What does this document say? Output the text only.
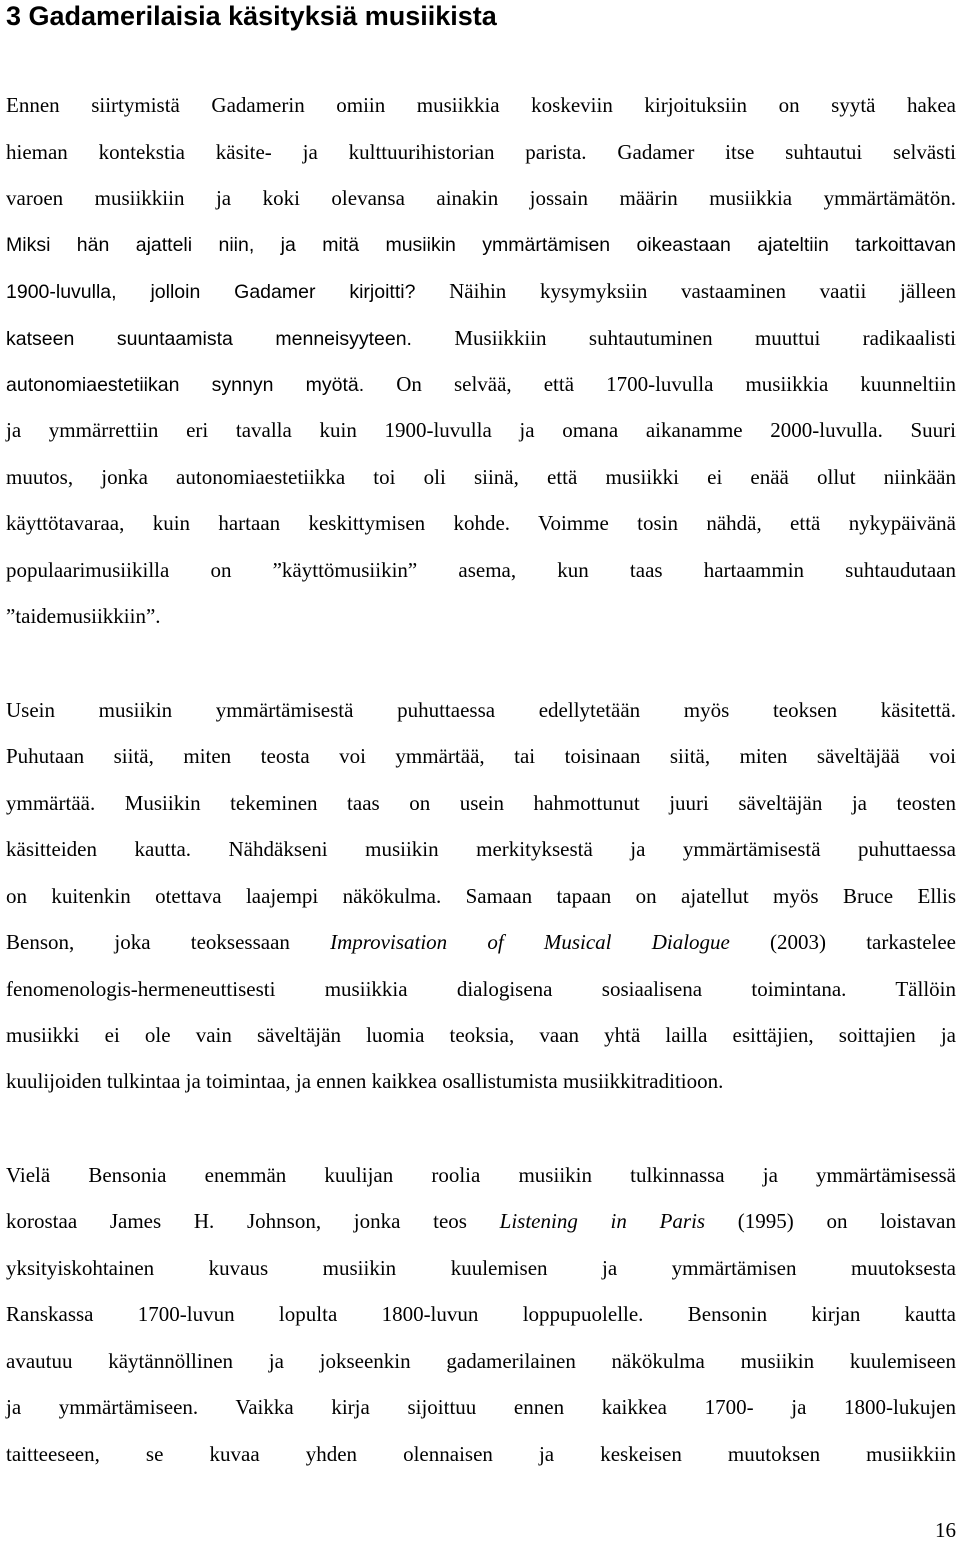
3 Gadamerilaisia käsityksiä musiikista
Ennen siirtymistä Gadamerin omiin musiikkia koskeviin kirjoituksiin on syytä hakea
hieman kontekstia käsite- ja kulttuurihistorian parista. Gadamer itse suhtautui selvästi
varoen musiikkiin ja koki olevansa ainakin jossain määrin musiikkia ymmärtämätön.
Miksi hän ajatteli niin, ja mitä musiikin ymmärtämisen oikeastaan ajateltiin tarkoittavan
1900-luvulla, jolloin Gadamer kirjoitti? Näihin kysymyksiin vastaaminen vaatii jälleen
katseen suuntaamista menneisyyteen. Musiikkiin suhtautuminen muuttui radikaalisti
autonomiaestetiikan synnyn myötä. On selvää, että 1700-luvulla musiikkia kuunneltiin
ja ymmärrettiin eri tavalla kuin 1900-luvulla ja omana aikanamme 2000-luvulla. Suuri
muutos, jonka autonomiaestetiikka toi oli siinä, että musiikki ei enää ollut niinkään
käyttötavaraa, kuin hartaan keskittymisen kohde. Voimme tosin nähdä, että nykypäivänä
populaarimusiikilla on ”käyttömusiikin” asema, kun taas hartaammin suhtaudutaan
”taidemusiikkiin”.
Usein musiikin ymmärtämisestä puhuttaessa edellytetään myös teoksen käsitettä.
Puhutaan siitä, miten teosta voi ymmärtää, tai toisinaan siitä, miten säveltäjää voi
ymmärtää. Musiikin tekeminen taas on usein hahmottunut juuri säveltäjän ja teosten
käsitteiden kautta. Nähdäkseni musiikin merkityksestä ja ymmärtämisestä puhuttaessa
on kuitenkin otettava laajempi näkökulma. Samaan tapaan on ajatellut myös Bruce Ellis
Benson, joka teoksessaan Improvisation of Musical Dialogue (2003) tarkastelee
fenomenologis-hermeneuttisesti musiikkia dialogisena sosiaalisena toimintana. Tällöin
musiikki ei ole vain säveltäjän luomia teoksia, vaan yhtä lailla esittäjien, soittajien ja
kuulijoiden tulkintaa ja toimintaa, ja ennen kaikkea osallistumista musiikkitraditioon.
Vielä Bensonia enemmän kuulijan roolia musiikin tulkinnassa ja ymmärtämisessä
korostaa James H. Johnson, jonka teos Listening in Paris (1995) on loistavan
yksityiskohtainen kuvaus musiikin kuulemisen ja ymmärtämisen muutoksesta
Ranskassa 1700-luvun lopulta 1800-luvun loppupuolelle. Bensonin kirjan kautta
avautuu käytännöllinen ja jokseenkin gadamerilainen näkökulma musiikin kuulemiseen
ja ymmärtämiseen. Vaikka kirja sijoittuu ennen kaikkea 1700- ja 1800-lukujen
taitteeseen, se kuvaa yhden olennaisen ja keskeisen muutoksen musiikkiin
16
